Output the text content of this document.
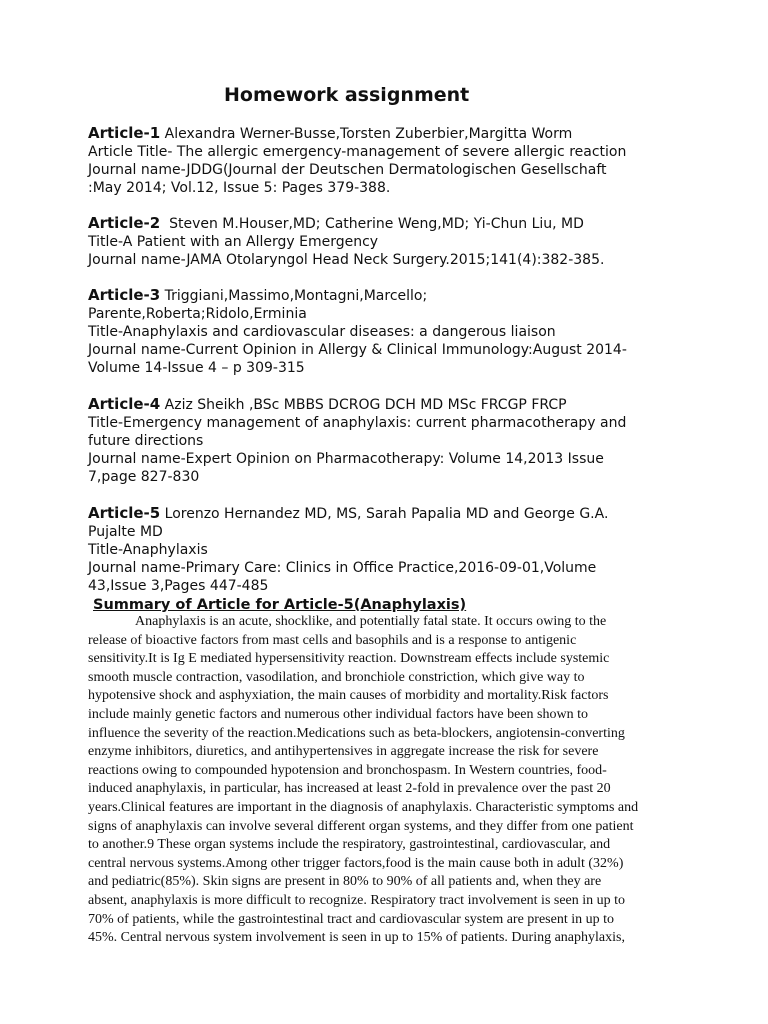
Homework assignment
Article-1 Alexandra Werner-Busse,Torsten Zuberbier,Margitta Worm
Article Title- The allergic emergency-management of severe allergic reaction
Journal name-JDDG(Journal der Deutschen Dermatologischen Gesellschaft
:May 2014; Vol.12, Issue 5: Pages 379-388.
Article-2 Steven M.Houser,MD; Catherine Weng,MD; Yi-Chun Liu, MD
Title-A Patient with an Allergy Emergency
Journal name-JAMA Otolaryngol Head Neck Surgery.2015;141(4):382-385.
Article-3 Triggiani,Massimo,Montagni,Marcello;
Parente,Roberta;Ridolo,Erminia
Title-Anaphylaxis and cardiovascular diseases: a dangerous liaison
Journal name-Current Opinion in Allergy & Clinical Immunology:August 2014-
Volume 14-Issue 4 – p 309-315
Article-4 Aziz Sheikh ,BSc MBBS DCROG DCH MD MSc FRCGP FRCP
Title-Emergency management of anaphylaxis: current pharmacotherapy and
future directions
Journal name-Expert Opinion on Pharmacotherapy: Volume 14,2013 Issue
7,page 827-830
Article-5 Lorenzo Hernandez MD, MS, Sarah Papalia MD and George G.A.
Pujalte MD
Title-Anaphylaxis
Journal name-Primary Care: Clinics in Office Practice,2016-09-01,Volume
43,Issue 3,Pages 447-485
Summary of Article for Article-5(Anaphylaxis)
Anaphylaxis is an acute, shocklike, and potentially fatal state. It occurs owing to the
release of bioactive factors from mast cells and basophils and is a response to antigenic
sensitivity.It is Ig E mediated hypersensitivity reaction. Downstream effects include systemic
smooth muscle contraction, vasodilation, and bronchiole constriction, which give way to
hypotensive shock and asphyxiation, the main causes of morbidity and mortality.Risk factors
include mainly genetic factors and numerous other individual factors have been shown to
influence the severity of the reaction.Medications such as beta-blockers, angiotensin-converting
enzyme inhibitors, diuretics, and antihypertensives in aggregate increase the risk for severe
reactions owing to compounded hypotension and bronchospasm. In Western countries, food-
induced anaphylaxis, in particular, has increased at least 2-fold in prevalence over the past 20
years.Clinical features are important in the diagnosis of anaphylaxis. Characteristic symptoms and
signs of anaphylaxis can involve several different organ systems, and they differ from one patient
to another.9 These organ systems include the respiratory, gastrointestinal, cardiovascular, and
central nervous systems.Among other trigger factors,food is the main cause both in adult (32%)
and pediatric(85%). Skin signs are present in 80% to 90% of all patients and, when they are
absent, anaphylaxis is more difficult to recognize. Respiratory tract involvement is seen in up to
70% of patients, while the gastrointestinal tract and cardiovascular system are present in up to
45%. Central nervous system involvement is seen in up to 15% of patients. During anaphylaxis,
